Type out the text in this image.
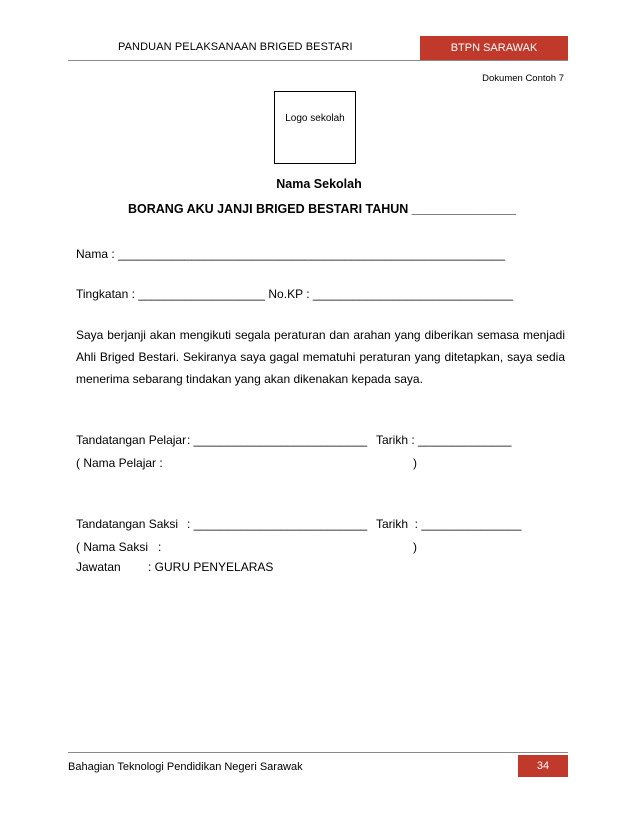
PANDUAN PELAKSANAAN BRIGED BESTARI	BTPN SARAWAK
Dokumen Contoh 7
Logo sekolah
Nama Sekolah
BORANG AKU JANJI BRIGED BESTARI TAHUN _______________
Nama : __________________________________________________________
Tingkatan : ___________________ No.KP : ______________________________
Saya berjanji akan mengikuti segala peraturan dan arahan yang diberikan semasa menjadi Ahli Briged Bestari. Sekiranya saya gagal mematuhi peraturan yang ditetapkan, saya sedia menerima sebarang tindakan yang akan dikenakan kepada saya.
Tandatangan Pelajar : __________________________ Tarikh : ______________
( Nama Pelajar :	)
Tandatangan Saksi : __________________________ Tarikh  : _______________
( Nama Saksi   :	)
Jawatan : GURU PENYELARAS
Bahagian Teknologi Pendidikan Negeri Sarawak	34
